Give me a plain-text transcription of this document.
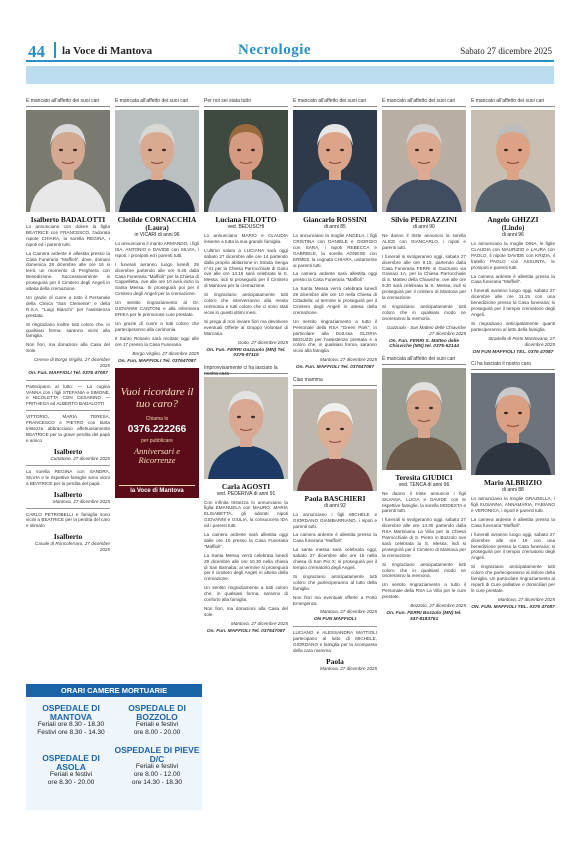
44 la Voce di Mantova	Necrologie	Sabato 27 dicembre 2025
È mancato all'affetto dei suoi cari
Isalberto BADALOTTI
Lo annunciano con dolore la figlia BEATRICE con FRANCESCO, l'adorata nipote CHIARA, la sorella REGINA, i nipoti ed i parenti tutti.
La Camera ardente è allestita presso la Casa Funeraria "Maffioli", dove, domani domenica 28 dicembre alle ore 16 si terrà un momento di Preghiera con Benedizione. Successivamente si proseguirà per il Cimitero degli Angeli in attesa della cremazione.
Un grazie di cuore a tutto il Personale della Clinica "San Clemente" e della R.S.A. "Luigi Bianchi" per l'assistenza prestata.
Si ringraziano inoltre tutti coloro che, in qualsiasi forma, saranno vicini alla famiglia.
Non fiori, ma donazioni alla Casa del Sole.
Cerese di Borgo Virgilio, 27 dicembre 2025
On. Fun. MAFFIOLI Tel. 0376 47087
Partecipano al lutto: — La cugina VANNA con i figli STEFANIA e SIMONE, e NICOLETTA CON CESARINO — FRITHEGA ed ALBERTO BADALOTTI
VITTORIO, MARIA TERESA, FRANCESCO e PIETRO con tanta tristezza abbracciano affettuosamente BEATRICE per la grave perdita del papà e amico
Isalberto
Curtatone, 27 dicembre 2025
La sorella REGINA con SANDRA, SILVIA e le rispettive famiglie sono vicini a BEATRICE per la perdita del papà
Isalberto
Mantova, 27 dicembre 2025
CARLO PETROBELLI e famiglia sono vicini a BEATRICE per la perdita del caro e stimato
Isalberto
Casale di Roncoferraro, 27 dicembre 2025
È mancata all'affetto dei suoi cari
Clotilde CORNACCHIA
(Laura)
in VICARI di anni 96
Lo annunciano il marito ARMANDO, i figli ISA, ANTONIO e DAVIDE con SILVIA, i nipoti, i pronipoti ed i parenti tutti.
I funerali avranno luogo lunedì 29 dicembre partendo alle ore 9.45 dalla Casa Funeraria "Maffioli" per la Chiesa di Cappelletta, ove alle ore 10 avrà inizio la Santa Messa. Si proseguirà poi per il Cimitero degli Angeli per la cremazione.
Un sentito ringraziamento al Dr. GIOVANNI CANTONI e alla Infermiera ERIKA per le premurose cure prestate.
Un grazie di cuore a tutti coloro che parteciperanno alla cerimonia.
Il Santo Rosario sarà recitato oggi alle ore 17 presso la Casa Funeraria.
Borgo Virgilio, 27 dicembre 2025
On. Fun. MAFFIOLI Tel. 037647087
Vuoi ricordare il tuo caro?
Chiama lo
0376.222266
per pubblicare
Anniversari e Ricorrenze
la Voce di Mantova
Per noi sei stata tutto
Luciana FILOTTO
ved. BEDUSCHI
Lo annunciano MARIO e CLAUDIA insieme a tutta la sua grande famiglia.
L'ultimo saluto a LUCIANA sarà oggi sabato 27 dicembre alle ore 14 partendo dalla propria abitazione in Strada Senga n°41 per la Chiesa Parrocchiale di Goito ove alle ore 14.15 sarà celebrata la S. Messa, indi si proseguirà per il Cimitero di Mantova per la cremazione.
Si ringraziano anticipatamente tutti coloro che interverranno alla mesta cerimonia e tutti coloro che ci sono stati vicini in questi ultimi mesi.
Si prega di non inviare fiori ma devolvere eventuali Offerte al Gruppo Volontari di Marcaria.
Goito, 27 dicembre 2025
On. Fun. FERRI Gazzuolo (MN) Tel. 0376-97115
Improvvisamente ci ha lasciato la nostra cara
Carla AGOSTI
ved. PEDERIVA di anni 91
Con infinita tristezza lo annunciano la figlia EMANUELA con MAURO, MARIA ELISABETTA, gli adorati nipoti GIOVANNI e GIULIA, la consuocera IDA ed i parenti tutti.
La camera ardente sarà allestita oggi dalle ore 10 presso la Casa Funeraria "Maffioli".
La Santa Messa verrà celebrata lunedì 29 dicembre alle ore 10.30 nella chiesa di San Barnaba; al termine si proseguirà per il cimitero degli Angeli in attesa della cremazione.
Un sentito ringraziamento a tutti coloro che, in qualsiasi forma, saranno di conforto alla famiglia.
Non fiori, ma donazioni alla Casa del sole.
Mantova, 27 dicembre 2025
On. Fun. MAFFIOLI Tel. 037647087
È mancato all'affetto dei suoi cari
Giancarlo ROSSINI
di anni 85
Lo annunciano la moglie ANGELA, i figli CRISTINA con DANIELE e GIORGIO con SARA, i nipoti REBECCA e GABRIELE, la sorella AGNESE con ERMES, la cognata CHIARA, unitamente ai parenti tutti.
La camera ardente sarà allestita oggi presso la Casa Funeraria "Maffioli".
La Santa Messa verrà celebrata lunedì 29 dicembre alle ore 10 nella Chiesa di Cittadella; al termine si proseguirà per il Cimitero degli Angeli in attesa della cremazione.
Un sentito ringraziamento a tutto il Personale della RSA "Green Park", in particolare alla Dott.ssa GLORIA BEDUZZI per l'assistenza prestata e a coloro che, in qualsiasi forma, saranno vicini alla famiglia.
Mantova, 27 dicembre 2025
On. Fun. MAFFIOLI Tel. 037647087
Ciao mamma
Paola BASCHIERI
di anni 92
Lo annunciano i figli MICHELE e GIORDANO GIAMBARRIANO, i nipoti e parenti tutti.
La camera ardente è allestita presso la Casa funeraria "Maffioli".
La santa messa sarà celebrata oggi, sabato 27 dicembre alle ore 15 nella chiesa di San Pio X; si proseguirà per il tempio crematorio degli Angeli.
Si ringraziano anticipatamente tutti coloro che parteciperanno al lutto della famiglia.
Non fiori ma eventuali offerte a Porto Emergenza.
Mantova, 27 dicembre 2025
ON FUN MAFFIOLI
LUCIANO e ALESSANDRA MATTIOLI partecipano al lutto di MICHELE, GIORDANO e famiglia per la scomparsa della cara mamma
Paola
Mantova, 27 dicembre 2025
È mancato all'affetto dei suoi cari
Silvio PEDRAZZINI
di anni 90
Ne danno il triste annuncio la sorella ALICE con GIANCARLO, i nipoti e parenti tutti.
I funerali si svolgeranno oggi, sabato 27 dicembre alle ore 9.15, partendo dalla Casa Funeraria FERRI in Gazzuolo via Granaci 1A, per la Chiesa Parrocchiale di S. Matteo della Chiaviche, ove alle ore 9.30 sarà celebrata la S. Messa, indi si proseguirà per il cimitero di Mantova per la cremazione.
Si ringraziano anticipatamente tutti coloro che in qualsiasi modo ne onoreranno la memoria.
Gazzuolo - San Matteo delle Chiaviche 27 dicembre 2025
On. Fun. FERRI S. Matteo delle Chiaviche (MN) tel. 0375-52144
È mancata all'affetto dei suoi cari
Teresita GIUDICI
ved. TENCA di anni 96
Ne danno il triste annuncio i figli SILVANA, LUCIA e DAVIDE con le rispettive famiglie, la sorella MODESTA e parenti tutti.
I funerali si svolgeranno oggi, sabato 27 dicembre alle ore 14.30 partendo dalla RSA Martiniana La Villa per la Chiesa Parrocchiale di S. Pietro in Bozzolo ove sarà celebrata la S. Messa; indi si proseguirà per il Cimitero di Mantova per la cremazione.
Si ringraziano anticipatamente tutti coloro che in qualsiasi modo ne onoreranno la memoria.
Un sentito ringraziamento a tutto il Personale della RSA La Villa per le cure prestate.
Bozzolo, 27 dicembre 2025
On. Fun. FERRI Bozzolo (MN) tel. 347-8183761
È mancato all'affetto dei suoi cari
Angelo GHIZZI
(Lindo)
di anni 96
Lo annunciano la moglie DINA, le figlie CLAUDIA con MAURIZIO e LAURA con PAOLO, il nipote DAVIDE con KRIZIA, il fratello PAOLO con ASSUNTA, le pronipoti e parenti tutti.
La camera ardente è allestita presso la Casa funeraria "Maffioli".
I funerali avranno luogo oggi, sabato 27 dicembre alle ore 11.15 con una benedizione presso la Casa funeraria; si proseguirà per il tempio crematorio degli Angeli.
Si ringraziano anticipatamente quanti parteciperanno al lutto della famiglia.
Stradella di Porto Mantovano, 27 dicembre 2025
ON FUN MAFFIOLI TEL. 0376 47087
Ci ha lasciato il nostro caro
Mario ALBRIZIO
di anni 88
Lo annunciano la moglie GRAZIELLA, i figli SUSANNA, ANNAMARIA, FABIANO e VERONICA, i nipoti e parenti tutti.
La camera ardente è allestita presso la Casa funeraria "Maffioli".
I funerali avranno luogo oggi, sabato 27 dicembre alle ore 16 con una benedizione presso la Casa funeraria; si proseguirà per il tempio crematorio degli Angeli.
Si ringraziano anticipatamente tutti coloro che parteciperanno al dolore della famiglia. Un particolare ringraziamento ai reparti di Cure palliative e domiciliari per le cure prestate.
Mantova, 27 dicembre 2025
ON. FUN. MAFFIOLI TEL. 0376 47087
ORARI CAMERE MORTUARIE
OSPEDALE DI MANTOVA
Feriali ore 8.30 - 18.30
Festivi ore 8.30 - 14.30
OSPEDALE DI BOZZOLO
Feriali e festivi
ore 8.00 - 20.00
OSPEDALE DI ASOLA
Feriali e festivi
ore 8.30 - 20.00
OSPEDALE DI PIEVE D/C
Feriali e festivi
ore 8.00 - 12.00
ore 14.30 - 18.30
